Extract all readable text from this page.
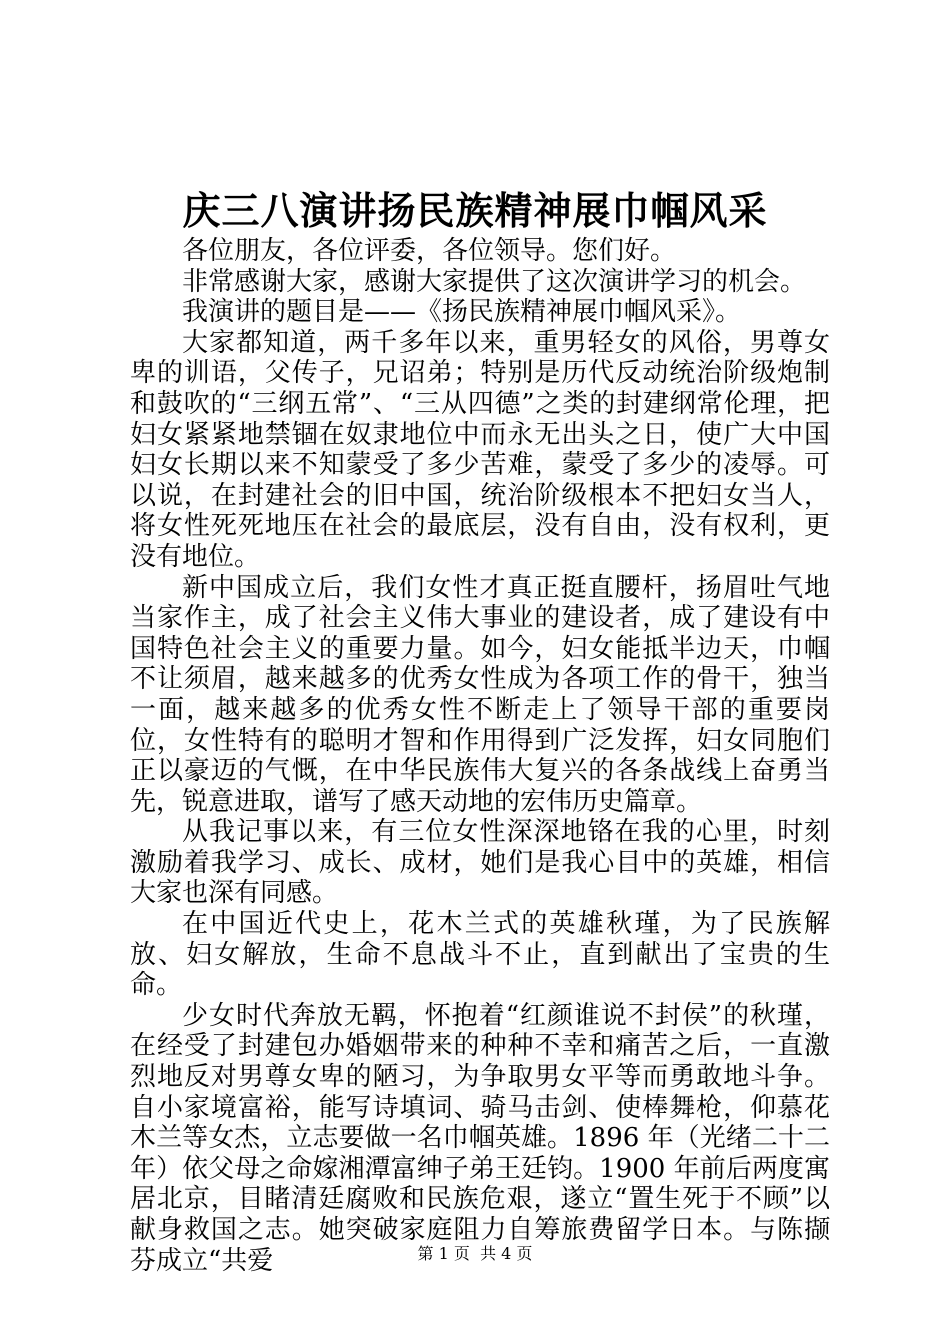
庆三八演讲扬民族精神展巾帼风采

各位朋友，各位评委，各位领导。您们好。

非常感谢大家，感谢大家提供了这次演讲学习的机会。

我演讲的题目是——《扬民族精神展巾帼风采》。

大家都知道，两千多年以来，重男轻女的风俗，男尊女卑的训语，父传子，兄诏弟；特别是历代反动统治阶级炮制和鼓吹的“三纲五常”、“三从四德”之类的封建纲常伦理，把妇女紧紧地禁锢在奴隶地位中而永无出头之日，使广大中国妇女长期以来不知蒙受了多少苦难，蒙受了多少的凌辱。可以说，在封建社会的旧中国，统治阶级根本不把妇女当人，将女性死死地压在社会的最底层，没有自由，没有权利，更没有地位。

新中国成立后，我们女性才真正挺直腰杆，扬眉吐气地当家作主，成了社会主义伟大事业的建设者，成了建设有中国特色社会主义的重要力量。如今，妇女能抵半边天，巾帼不让须眉，越来越多的优秀女性成为各项工作的骨干，独当一面，越来越多的优秀女性不断走上了领导干部的重要岗位，女性特有的聪明才智和作用得到广泛发挥，妇女同胞们正以豪迈的气慨，在中华民族伟大复兴的各条战线上奋勇当先，锐意进取，谱写了感天动地的宏伟历史篇章。

从我记事以来，有三位女性深深地铬在我的心里，时刻激励着我学习、成长、成材，她们是我心目中的英雄，相信大家也深有同感。

在中国近代史上，花木兰式的英雄秋瑾，为了民族解放、妇女解放，生命不息战斗不止，直到献出了宝贵的生命。

少女时代奔放无羁，怀抱着“红颜谁说不封侯”的秋瑾，在经受了封建包办婚姻带来的种种不幸和痛苦之后，一直激烈地反对男尊女卑的陋习，为争取男女平等而勇敢地斗争。自小家境富裕，能写诗填词、骑马击剑、使棒舞枪，仰慕花木兰等女杰，立志要做一名巾帼英雄。1896 年（光绪二十二年）依父母之命嫁湘潭富绅子弟王廷钧。1900 年前后两度寓居北京，目睹清廷腐败和民族危艰，遂立“置生死于不顾”以献身救国之志。她突破家庭阻力自筹旅费留学日本。与陈撷芬成立“共爱	第 1 页  共 4 页
